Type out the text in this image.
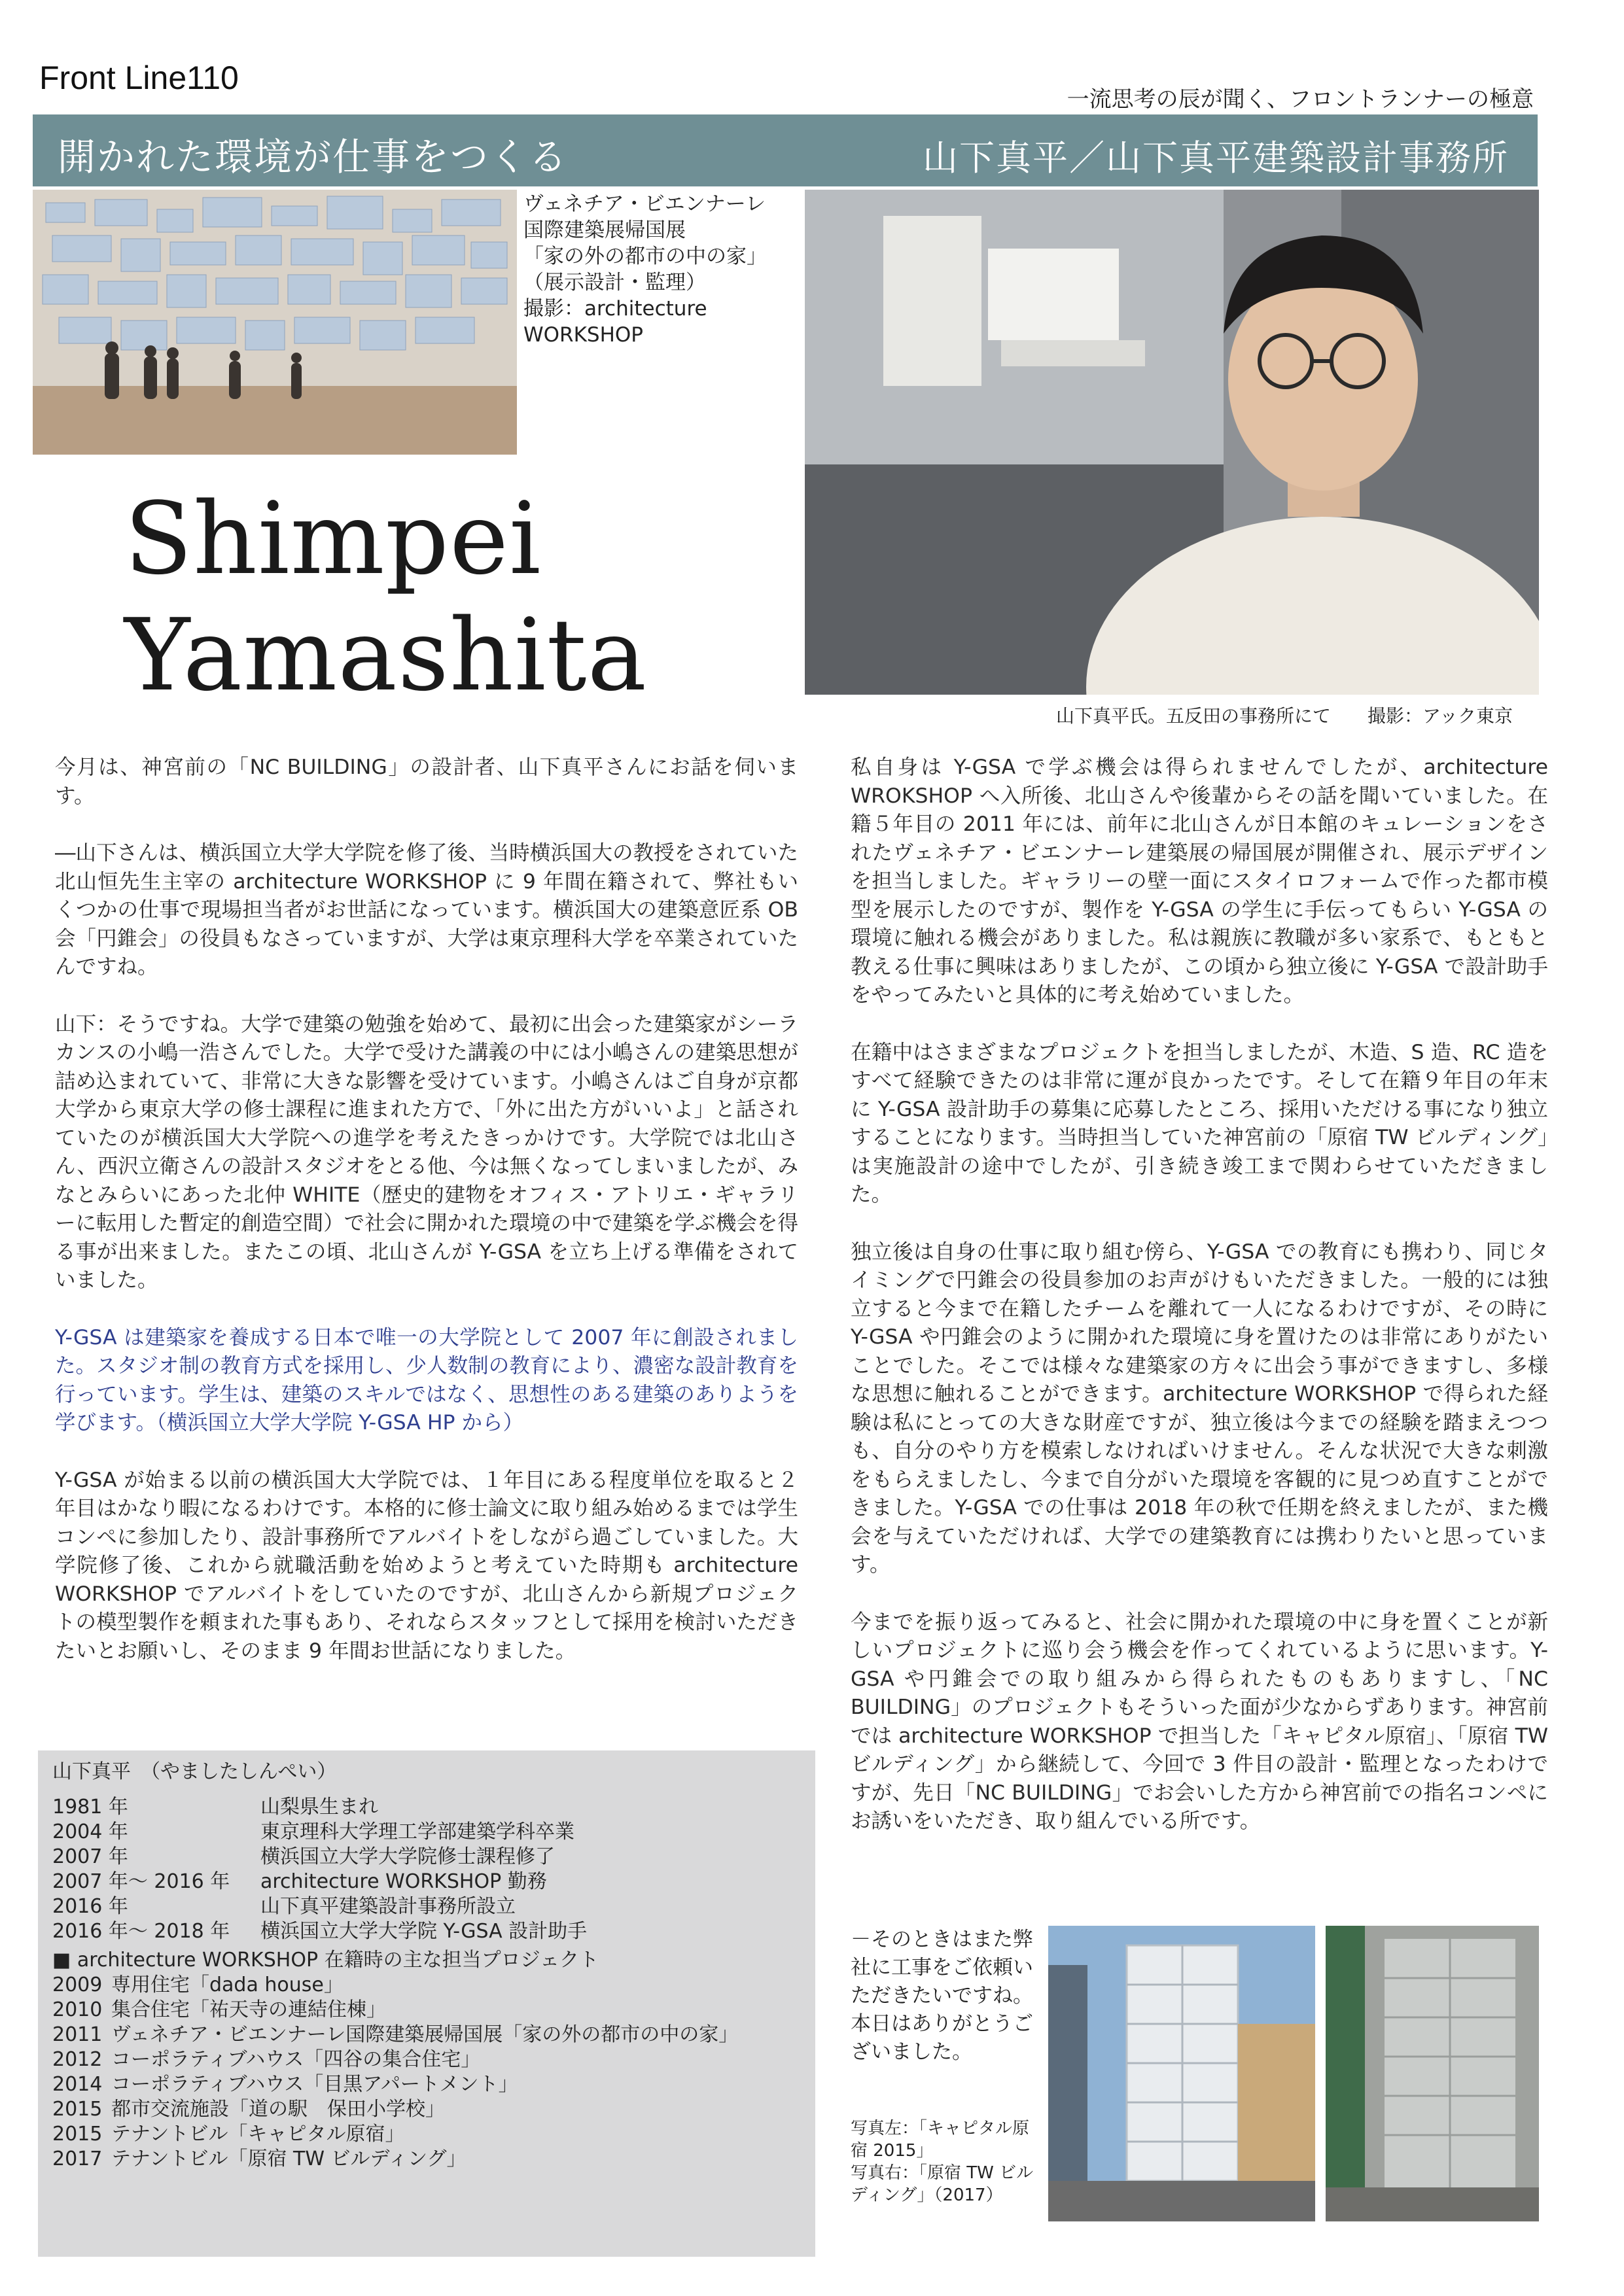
Front Line110
一流思考の辰が聞く、フロントランナーの極意
開かれた環境が仕事をつくる	山下真平／山下真平建築設計事務所
ヴェネチア・ビエンナーレ
国際建築展帰国展
「家の外の都市の中の家」
（展示設計・監理）
撮影：architecture
WORKSHOP
Shimpei
Yamashita
山下真平氏。五反田の事務所にて 撮影：アック東京

今月は、神宮前の「NC BUILDING」の設計者、山下真平さんにお話を伺います。

―山下さんは、横浜国立大学大学院を修了後、当時横浜国大の教授をされていた北山恒先生主宰の architecture WORKSHOP に 9 年間在籍されて、弊社もいくつかの仕事で現場担当者がお世話になっています。横浜国大の建築意匠系 OB 会「円錐会」の役員もなさっていますが、大学は東京理科大学を卒業されていたんですね。

山下：そうですね。大学で建築の勉強を始めて、最初に出会った建築家がシーラカンスの小嶋一浩さんでした。大学で受けた講義の中には小嶋さんの建築思想が詰め込まれていて、非常に大きな影響を受けています。小嶋さんはご自身が京都大学から東京大学の修士課程に進まれた方で、「外に出た方がいいよ」と話されていたのが横浜国大大学院への進学を考えたきっかけです。大学院では北山さん、西沢立衛さんの設計スタジオをとる他、今は無くなってしまいましたが、みなとみらいにあった北仲 WHITE（歴史的建物をオフィス・アトリエ・ギャラリーに転用した暫定的創造空間）で社会に開かれた環境の中で建築を学ぶ機会を得る事が出来ました。またこの頃、北山さんが Y-GSA を立ち上げる準備をされていました。

Y-GSA は建築家を養成する日本で唯一の大学院として 2007 年に創設されました。スタジオ制の教育方式を採用し、少人数制の教育により、濃密な設計教育を行っています。学生は、建築のスキルではなく、思想性のある建築のありようを学びます。（横浜国立大学大学院 Y-GSA HP から）

Y-GSA が始まる以前の横浜国大大学院では、１年目にある程度単位を取ると２年目はかなり暇になるわけです。本格的に修士論文に取り組み始めるまでは学生コンペに参加したり、設計事務所でアルバイトをしながら過ごしていました。大学院修了後、これから就職活動を始めようと考えていた時期も architecture WORKSHOP でアルバイトをしていたのですが、北山さんから新規プロジェクトの模型製作を頼まれた事もあり、それならスタッフとして採用を検討いただきたいとお願いし、そのまま 9 年間お世話になりました。

私自身は Y-GSA で学ぶ機会は得られませんでしたが、architecture WROKSHOP へ入所後、北山さんや後輩からその話を聞いていました。在籍５年目の 2011 年には、前年に北山さんが日本館のキュレーションをされたヴェネチア・ビエンナーレ建築展の帰国展が開催され、展示デザインを担当しました。ギャラリーの壁一面にスタイロフォームで作った都市模型を展示したのですが、製作を Y-GSA の学生に手伝ってもらい Y-GSA の環境に触れる機会がありました。私は親族に教職が多い家系で、もともと教える仕事に興味はありましたが、この頃から独立後に Y-GSA で設計助手をやってみたいと具体的に考え始めていました。

在籍中はさまざまなプロジェクトを担当しましたが、木造、S 造、RC 造をすべて経験できたのは非常に運が良かったです。そして在籍９年目の年末に Y-GSA 設計助手の募集に応募したところ、採用いただける事になり独立することになります。当時担当していた神宮前の「原宿 TW ビルディング」は実施設計の途中でしたが、引き続き竣工まで関わらせていただきました。

独立後は自身の仕事に取り組む傍ら、Y-GSA での教育にも携わり、同じタイミングで円錐会の役員参加のお声がけもいただきました。一般的には独立すると今まで在籍したチームを離れて一人になるわけですが、その時に Y-GSA や円錐会のように開かれた環境に身を置けたのは非常にありがたいことでした。そこでは様々な建築家の方々に出会う事ができますし、多様な思想に触れることができます。architecture WORKSHOP で得られた経験は私にとっての大きな財産ですが、独立後は今までの経験を踏まえつつも、自分のやり方を模索しなければいけません。そんな状況で大きな刺激をもらえましたし、今まで自分がいた環境を客観的に見つめ直すことができました。Y-GSA での仕事は 2018 年の秋で任期を終えましたが、また機会を与えていただければ、大学での建築教育には携わりたいと思っています。

今までを振り返ってみると、社会に開かれた環境の中に身を置くことが新しいプロジェクトに巡り会う機会を作ってくれているように思います。Y-GSA や円錐会での取り組みから得られたものもありますし、「NC BUILDING」のプロジェクトもそういった面が少なからずあります。神宮前では architecture WORKSHOP で担当した「キャピタル原宿」、「原宿 TW ビルディング」から継続して、今回で 3 件目の設計・監理となったわけですが、先日「NC BUILDING」でお会いした方から神宮前での指名コンペにお誘いをいただき、取り組んでいる所です。

山下真平　（やましたしんぺい）
1981 年	山梨県生まれ
2004 年	東京理科大学理工学部建築学科卒業
2007 年	横浜国立大学大学院修士課程修了
2007 年～ 2016 年	architecture WORKSHOP 勤務
2016 年	山下真平建築設計事務所設立
2016 年～ 2018 年	横浜国立大学大学院 Y-GSA 設計助手
■ architecture WORKSHOP 在籍時の主な担当プロジェクト
2009 専用住宅「dada house」
2010 集合住宅「祐天寺の連結住棟」
2011 ヴェネチア・ビエンナーレ国際建築展帰国展「家の外の都市の中の家」
2012 コーポラティブハウス「四谷の集合住宅」
2014 コーポラティブハウス「目黒アパートメント」
2015 都市交流施設「道の駅　保田小学校」
2015 テナントビル「キャピタル原宿」
2017 テナントビル「原宿 TW ビルディング」
－そのときはまた弊社に工事をご依頼いただきたいですね。本日はありがとうございました。
写真左：「キャピタル原宿 2015」
写真右：「原宿 TW ビルディング」（2017）
